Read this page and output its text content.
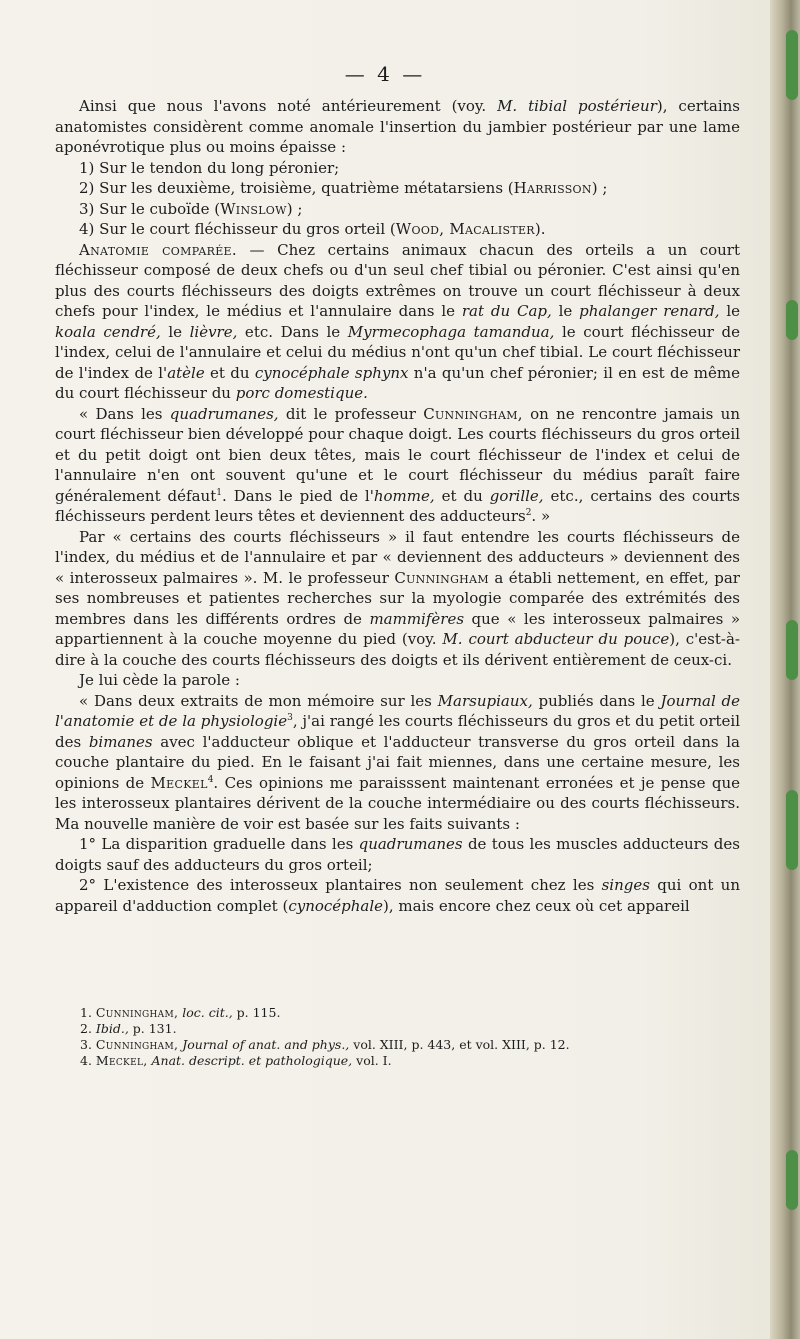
— 4 —

Ainsi que nous l'avons noté antérieurement (voy. M. tibial postérieur), certains anatomistes considèrent comme anomale l'insertion du jambier postérieur par une lame aponévrotique plus ou moins épaisse :

1) Sur le tendon du long péronier;

2) Sur les deuxième, troisième, quatrième métatarsiens (Harrisson) ;

3) Sur le cuboïde (Winslow) ;

4) Sur le court fléchisseur du gros orteil (Wood, Macalister).

Anatomie comparée. — Chez certains animaux chacun des orteils a un court fléchisseur composé de deux chefs ou d'un seul chef tibial ou péronier. C'est ainsi qu'en plus des courts fléchisseurs des doigts extrêmes on trouve un court fléchisseur à deux chefs pour l'index, le médius et l'annulaire dans le rat du Cap, le phalanger renard, le koala cendré, le lièvre, etc. Dans le Myrmecophaga tamandua, le court fléchisseur de l'index, celui de l'annulaire et celui du médius n'ont qu'un chef tibial. Le court fléchisseur de l'index de l'atèle et du cynocéphale sphynx n'a qu'un chef péronier; il en est de même du court fléchisseur du porc domestique.

« Dans les quadrumanes, dit le professeur Cunningham, on ne rencontre jamais un court fléchisseur bien développé pour chaque doigt. Les courts fléchisseurs du gros orteil et du petit doigt ont bien deux têtes, mais le court fléchisseur de l'index et celui de l'annulaire n'en ont souvent qu'une et le court fléchisseur du médius paraît faire généralement défaut$^1$. Dans le pied de l'homme, et du gorille, etc., certains des courts fléchisseurs perdent leurs têtes et deviennent des adducteurs$^2$. »

Par « certains des courts fléchisseurs » il faut entendre les courts fléchisseurs de l'index, du médius et de l'annulaire et par « deviennent des adducteurs » deviennent des « interosseux palmaires ». M. le professeur Cunningham a établi nettement, en effet, par ses nombreuses et patientes recherches sur la myologie comparée des extrémités des membres dans les différents ordres de mammifères que « les interosseux palmaires » appartiennent à la couche moyenne du pied (voy. M. court abducteur du pouce), c'est-à-dire à la couche des courts fléchisseurs des doigts et ils dérivent entièrement de ceux-ci.

Je lui cède la parole :

« Dans deux extraits de mon mémoire sur les Marsupiaux, publiés dans le Journal de l'anatomie et de la physiologie$^3$, j'ai rangé les courts fléchisseurs du gros et du petit orteil des bimanes avec l'adducteur oblique et l'adducteur transverse du gros orteil dans la couche plantaire du pied. En le faisant j'ai fait miennes, dans une certaine mesure, les opinions de Meckel$^4$. Ces opinions me paraisssent maintenant erronées et je pense que les interosseux plantaires dérivent de la couche intermédiaire ou des courts fléchisseurs. Ma nouvelle manière de voir est basée sur les faits suivants :

1° La disparition graduelle dans les quadrumanes de tous les muscles adducteurs des doigts sauf des adducteurs du gros orteil;

2° L'existence des interosseux plantaires non seulement chez les singes qui ont un appareil d'adduction complet (cynocéphale), mais encore chez ceux où cet appareil

1. Cunningham, loc. cit., p. 115.
2. Ibid., p. 131.
3. Cunningham, Journal of anat. and phys., vol. XIII, p. 443, et vol. XIII, p. 12.
4. Meckel, Anat. descript. et pathologique, vol. I.
